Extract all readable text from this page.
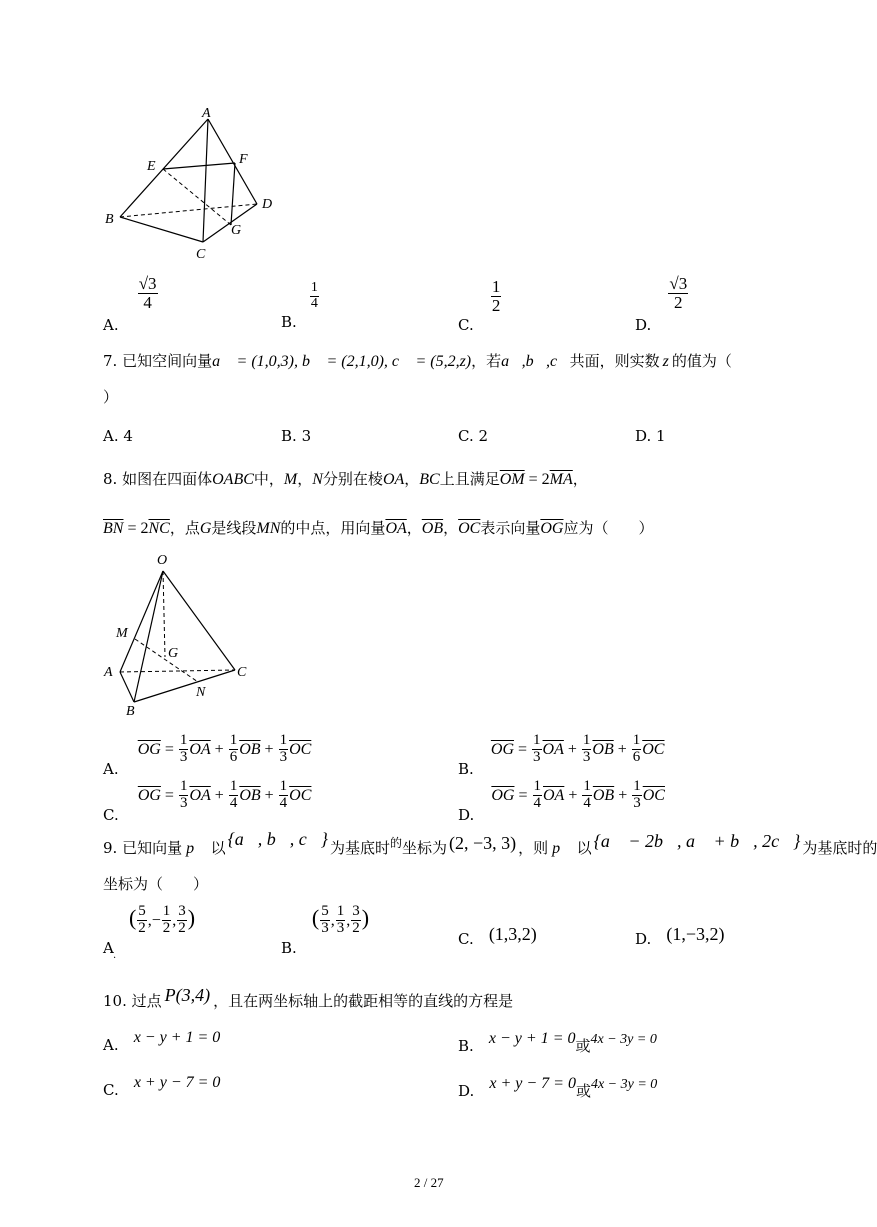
A
E	F
B
D
G
C
A.
$\frac{√3}{4}$
B.
$\frac{1}{4}$
C.
$\frac{1}{2}$
D.
$\frac{√3}{2}$
7. 已知空间向量a⃗ = (1,0,3), b⃗ = (2,1,0), c⃗ = (5,2,z)，若a⃗,b⃗,c⃗共面，则实数 z 的值为（
）
A. 4	B. 3	C. 2	D. 1
8. 如图在四面体OABC中，M，N分别在棱OA，BC上且满足$\overline{OM} = 2\overline{MA}$，
$\overline{BN} = 2\overline{NC}$，点G是线段MN的中点，用向量$\overline{OA}$，$\overline{OB}$，$\overline{OC}$表示向量$\overline{OG}$应为（　　）
O
M
G
A	C
N
B
A. $\overline{OG} = \frac{1}{3} \overline{OA} + \frac{1}{6} \overline{OB} + \frac{1}{3} \overline{OC}$
B. $\overline{OG} = \frac{1}{3} \overline{OA} + \frac{1}{3} \overline{OB} + \frac{1}{6} \overline{OC}$
C. $\overline{OG} = \frac{1}{3} \overline{OA} + \frac{1}{4} \overline{OB} + \frac{1}{4} \overline{OC}$
D. $\overline{OG} = \frac{1}{4} \overline{OA} + \frac{1}{4} \overline{OB} + \frac{1}{3} \overline{OC}$
9. 已知向量 p⃗ 以 {a⃗, b⃗, c⃗} 为基底时$^的$坐标为 (2, −3, 3) ，则 p⃗ 以 {a⃗ − 2b⃗, a⃗ + b⃗, 2c⃗} 为基底时的
坐标为（　　）
A .
( $\frac{5}{2}$ ,− $\frac{1}{2}$ , $\frac{3}{2}$ )
B. ( $\frac{5}{3}$ , $\frac{1}{3}$ , $\frac{3}{2}$ )
C. (1,3,2)	D. (1,−3,2)
10. 过点 P(3,4) ，且在两坐标轴上的截距相等的直线的方程是
A. x − y + 1 = 0	B. x − y + 1 = 0或4x − 3y = 0
C. x + y − 7 = 0	D. x + y − 7 = 0或4x − 3y = 0
2 / 27
